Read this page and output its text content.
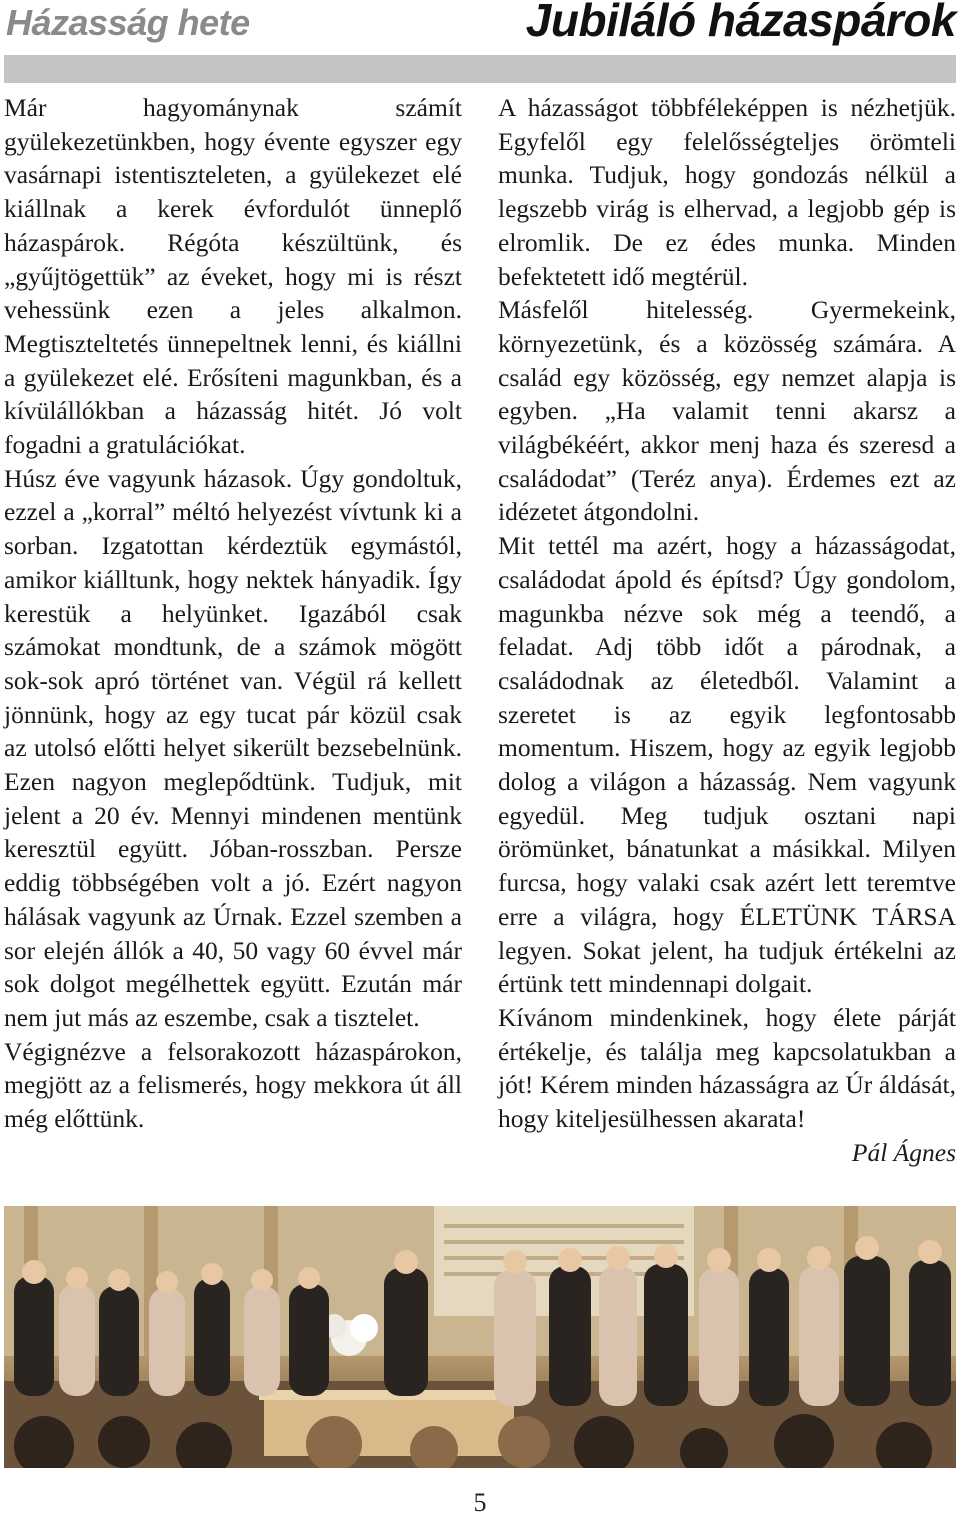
Házasság hete	Jubiláló házaspárok

Már hagyománynak számít gyülekezetünkben, hogy évente egyszer egy vasárnapi istentiszteleten, a gyülekezet elé kiállnak a kerek évfordulót ünneplő házaspárok. Régóta készültünk, és „gyűjtögettük” az éveket, hogy mi is részt vehessünk ezen a jeles alkalmon. Megtiszteltetés ünnepeltnek lenni, és kiállni a gyülekezet elé. Erősíteni magunkban, és a kívülállókban a házasság hitét. Jó volt fogadni a gratulációkat.

Húsz éve vagyunk házasok. Úgy gondoltuk, ezzel a „korral” méltó helyezést vívtunk ki a sorban. Izgatottan kérdeztük egymástól, amikor kiálltunk, hogy nektek hányadik. Így kerestük a helyünket. Igazából csak számokat mondtunk, de a számok mögött sok-sok apró történet van. Végül rá kellett jönnünk, hogy az egy tucat pár közül csak az utolsó előtti helyet sikerült bezsebelnünk. Ezen nagyon meglepődtünk. Tudjuk, mit jelent a 20 év. Mennyi mindenen mentünk keresztül együtt. Jóban-rosszban. Persze eddig többségében volt a jó. Ezért nagyon hálásak vagyunk az Úrnak. Ezzel szemben a sor elején állók a 40, 50 vagy 60 évvel már sok dolgot megélhettek együtt. Ezután már nem jut más az eszembe, csak a tisztelet.

Végignézve a felsorakozott házaspárokon, megjött az a felismerés, hogy mekkora út áll még előttünk.

A házasságot többféleképpen is nézhetjük. Egyfelől egy felelősségteljes örömteli munka. Tudjuk, hogy gondozás nélkül a legszebb virág is elhervad, a legjobb gép is elromlik. De ez édes munka. Minden befektetett idő megtérül.

Másfelől hitelesség. Gyermekeink, környezetünk, és a közösség számára. A család egy közösség, egy nemzet alapja is egyben. „Ha valamit tenni akarsz a világbékéért, akkor menj haza és szeresd a családodat” (Teréz anya). Érdemes ezt az idézetet átgondolni.

Mit tettél ma azért, hogy a házasságodat, családodat ápold és építsd? Úgy gondolom, magunkba nézve sok még a teendő, a feladat. Adj több időt a párodnak, a családodnak az életedből. Valamint a szeretet is az egyik legfontosabb momentum. Hiszem, hogy az egyik legjobb dolog a világon a házasság. Nem vagyunk egyedül. Meg tudjuk osztani napi örömünket, bánatunkat a másikkal. Milyen furcsa, hogy valaki csak azért lett teremtve erre a világra, hogy ÉLETÜNK TÁRSA legyen. Sokat jelent, ha tudjuk értékelni az értünk tett mindennapi dolgait.

Kívánom mindenkinek, hogy élete párját értékelje, és találja meg kapcsolatukban a jót! Kérem minden házasságra az Úr áldását, hogy kiteljesülhessen akarata!

Pál Ágnes

5
